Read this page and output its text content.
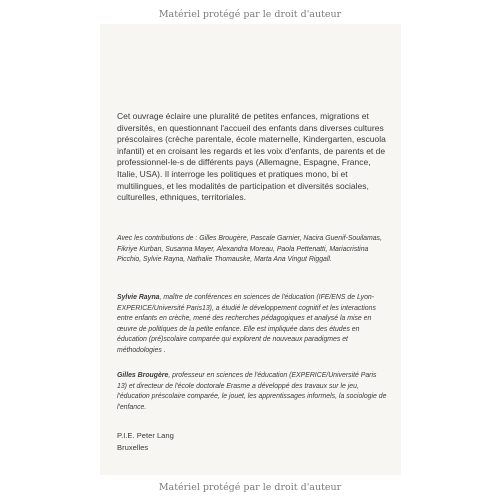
Matériel protégé par le droit d'auteur

Cet ouvrage éclaire une pluralité de petites enfances, migrations et diversités, en questionnant l'accueil des enfants dans diverses cultures préscolaires (crèche parentale, école maternelle, Kindergarten, escuola infantil) et en croisant les regards et les voix d'enfants, de parents et de professionnel-le-s de différents pays (Allemagne, Espagne, France, Italie, USA). Il interroge les politiques et pratiques mono, bi et multilingues, et les modalités de participation et diversités sociales, culturelles, ethniques, territoriales.

Avec les contributions de : Gilles Brougère, Pascale Garnier, Nacira Guenif-Souilamas, Fikriye Kurban, Susanna Mayer, Alexandra Moreau, Paola Pettenatti, Mariacristina Picchio, Sylvie Rayna, Nathalie Thomauske, Marta Ana Vingut Riggall.

Sylvie Rayna, maître de conférences en sciences de l'éducation (IFE/ENS de Lyon-EXPERICE/Université Paris13), a étudié le développement cognitif et les interactions entre enfants en crèche, mené des recherches pédagogiques et analysé la mise en œuvre de politiques de la petite enfance. Elle est impliquée dans des études en éducation (pré)scolaire comparée qui explorent de nouveaux paradigmes et méthodologies .

Gilles Brougère, professeur en sciences de l'éducation (EXPERICE/Université Paris 13) et directeur de l'école doctorale Erasme a développé des travaux sur le jeu, l'éducation préscolaire comparée, le jouet, les apprentissages informels, la sociologie de l'enfance.

P.I.E. Peter Lang
Bruxelles

Matériel protégé par le droit d'auteur
